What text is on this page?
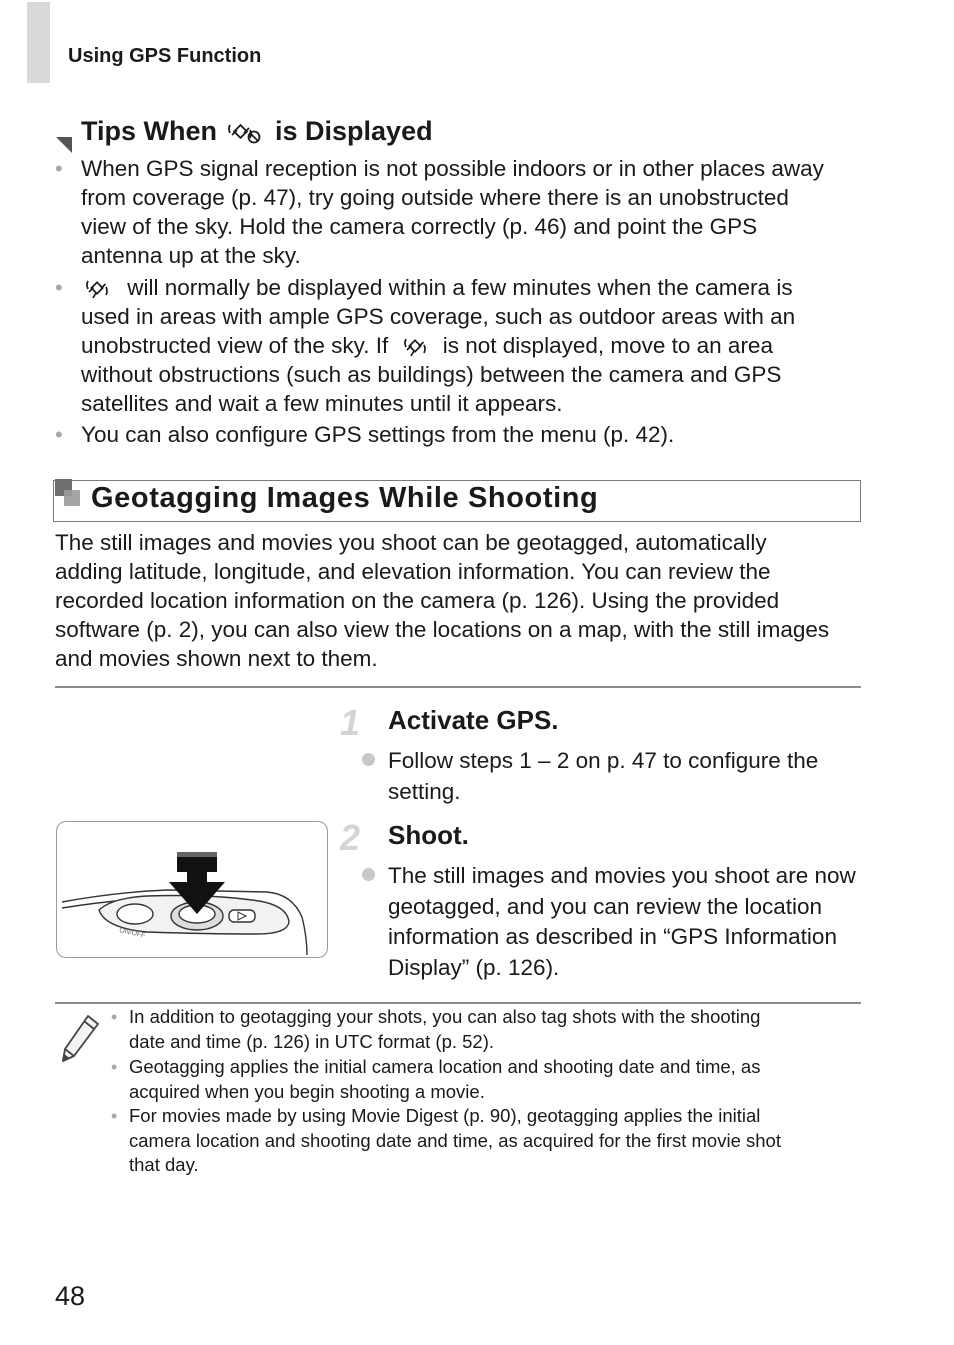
Using GPS Function
Tips When is Displayed
• When GPS signal reception is not possible indoors or in other places away
from coverage (p. 47), try going outside where there is an unobstructed
view of the sky. Hold the camera correctly (p. 46) and point the GPS
antenna up at the sky.
•	will normally be displayed within a few minutes when the camera is
used in areas with ample GPS coverage, such as outdoor areas with an
unobstructed view of the sky. If is not displayed, move to an area
without obstructions (such as buildings) between the camera and GPS
satellites and wait a few minutes until it appears.
• You can also configure GPS settings from the menu (p. 42).
Geotagging Images While Shooting
The still images and movies you shoot can be geotagged, automatically
adding latitude, longitude, and elevation information. You can review the
recorded location information on the camera (p. 126). Using the provided
software (p. 2), you can also view the locations on a map, with the still images
and movies shown next to them.
1 Activate GPS.
Follow steps 1 – 2 on p. 47 to configure the
setting.
2 Shoot.
The still images and movies you shoot are now
geotagged, and you can review the location
information as described in “GPS Information
Display” (p. 126).
ON/OFF
• In addition to geotagging your shots, you can also tag shots with the shooting
date and time (p. 126) in UTC format (p. 52).
• Geotagging applies the initial camera location and shooting date and time, as
acquired when you begin shooting a movie.
• For movies made by using Movie Digest (p. 90), geotagging applies the initial
camera location and shooting date and time, as acquired for the first movie shot
that day.
48
